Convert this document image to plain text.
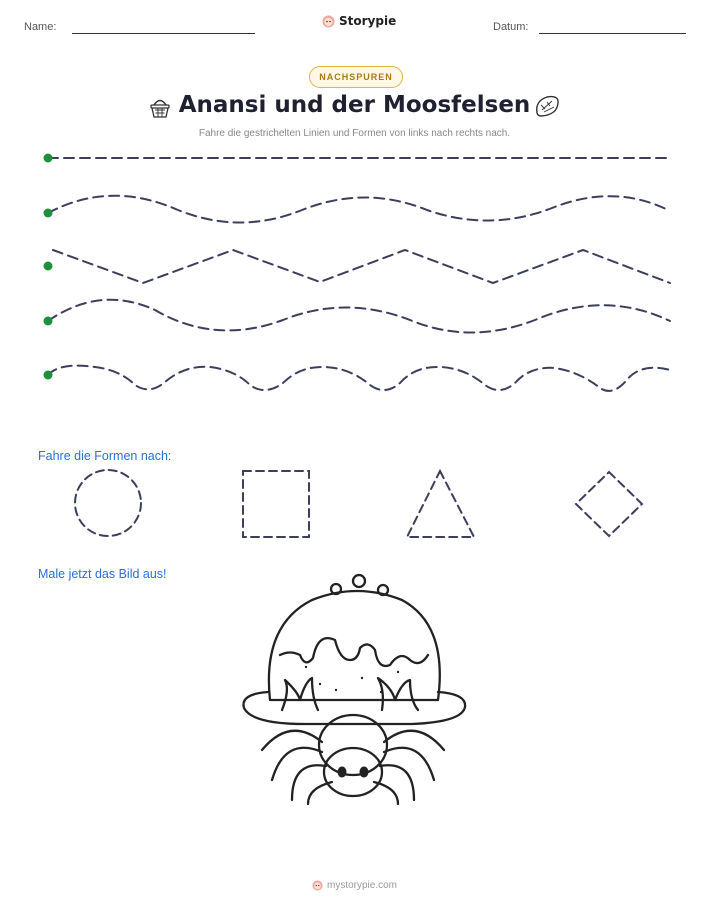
Name:	Storypie	Datum:
NACHSPUREN
Anansi und der Moosfelsen
Fahre die gestrichelten Linien und Formen von links nach rechts nach.
Fahre die Formen nach:
Male jetzt das Bild aus!
mystorypie.com
